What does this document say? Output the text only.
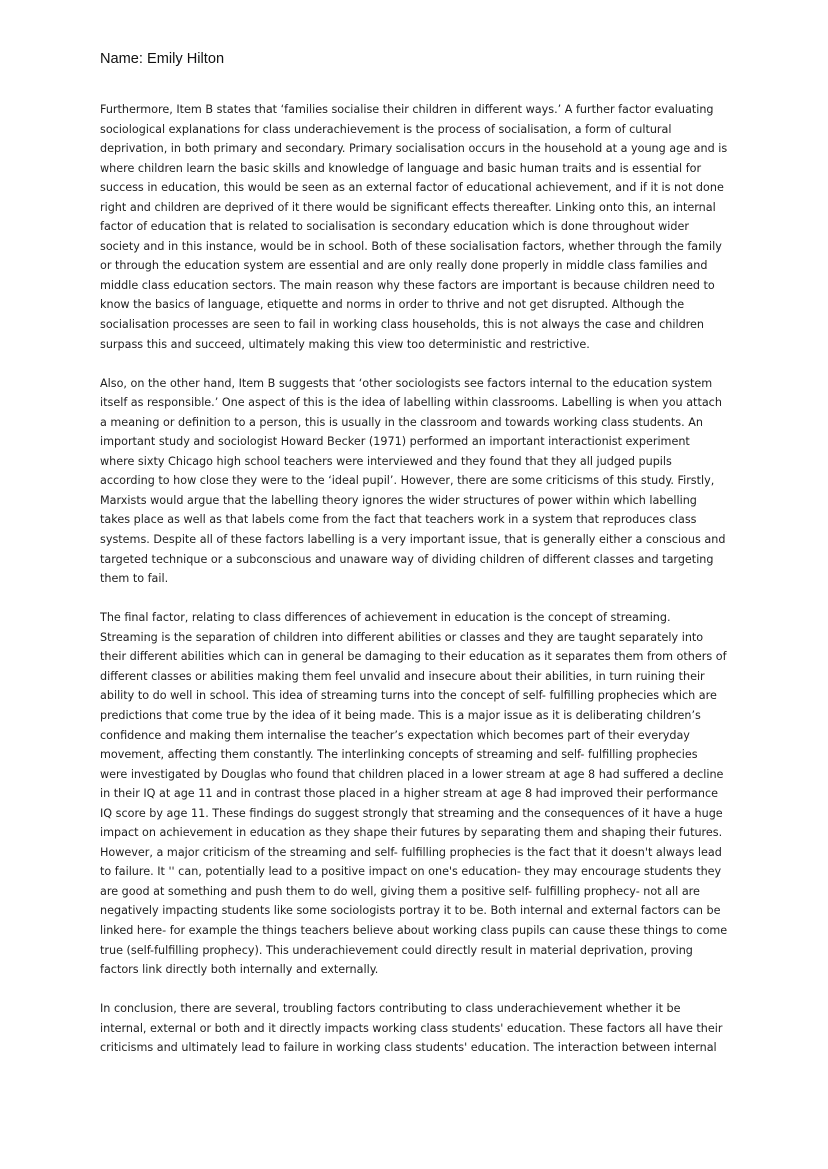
Name: Emily Hilton
Furthermore, Item B states that ‘families socialise their children in different ways.’ A further factor evaluating
sociological explanations for class underachievement is the process of socialisation, a form of cultural
deprivation, in both primary and secondary. Primary socialisation occurs in the household at a young age and is
where children learn the basic skills and knowledge of language and basic human traits and is essential for
success in education, this would be seen as an external factor of educational achievement, and if it is not done
right and children are deprived of it there would be significant effects thereafter. Linking onto this, an internal
factor of education that is related to socialisation is secondary education which is done throughout wider
society and in this instance, would be in school. Both of these socialisation factors, whether through the family
or through the education system are essential and are only really done properly in middle class families and
middle class education sectors. The main reason why these factors are important is because children need to
know the basics of language, etiquette and norms in order to thrive and not get disrupted. Although the
socialisation processes are seen to fail in working class households, this is not always the case and children
surpass this and succeed, ultimately making this view too deterministic and restrictive.
Also, on the other hand, Item B suggests that ‘other sociologists see factors internal to the education system
itself as responsible.’ One aspect of this is the idea of labelling within classrooms. Labelling is when you attach
a meaning or definition to a person, this is usually in the classroom and towards working class students. An
important study and sociologist Howard Becker (1971) performed an important interactionist experiment
where sixty Chicago high school teachers were interviewed and they found that they all judged pupils
according to how close they were to the ‘ideal pupil’. However, there are some criticisms of this study. Firstly,
Marxists would argue that the labelling theory ignores the wider structures of power within which labelling
takes place as well as that labels come from the fact that teachers work in a system that reproduces class
systems. Despite all of these factors labelling is a very important issue, that is generally either a conscious and
targeted technique or a subconscious and unaware way of dividing children of different classes and targeting
them to fail.
The final factor, relating to class differences of achievement in education is the concept of streaming.
Streaming is the separation of children into different abilities or classes and they are taught separately into
their different abilities which can in general be damaging to their education as it separates them from others of
different classes or abilities making them feel unvalid and insecure about their abilities, in turn ruining their
ability to do well in school. This idea of streaming turns into the concept of self- fulfilling prophecies which are
predictions that come true by the idea of it being made. This is a major issue as it is deliberating children’s
confidence and making them internalise the teacher’s expectation which becomes part of their everyday
movement, affecting them constantly. The interlinking concepts of streaming and self- fulfilling prophecies
were investigated by Douglas who found that children placed in a lower stream at age 8 had suffered a decline
in their IQ at age 11 and in contrast those placed in a higher stream at age 8 had improved their performance
IQ score by age 11. These findings do suggest strongly that streaming and the consequences of it have a huge
impact on achievement in education as they shape their futures by separating them and shaping their futures.
However, a major criticism of the streaming and self- fulfilling prophecies is the fact that it doesn't always lead
to failure. It '' can, potentially lead to a positive impact on one's education- they may encourage students they
are good at something and push them to do well, giving them a positive self- fulfilling prophecy- not all are
negatively impacting students like some sociologists portray it to be. Both internal and external factors can be
linked here- for example the things teachers believe about working class pupils can cause these things to come
true (self-fulfilling prophecy). This underachievement could directly result in material deprivation, proving
factors link directly both internally and externally.
In conclusion, there are several, troubling factors contributing to class underachievement whether it be
internal, external or both and it directly impacts working class students' education. These factors all have their
criticisms and ultimately lead to failure in working class students' education. The interaction between internal
